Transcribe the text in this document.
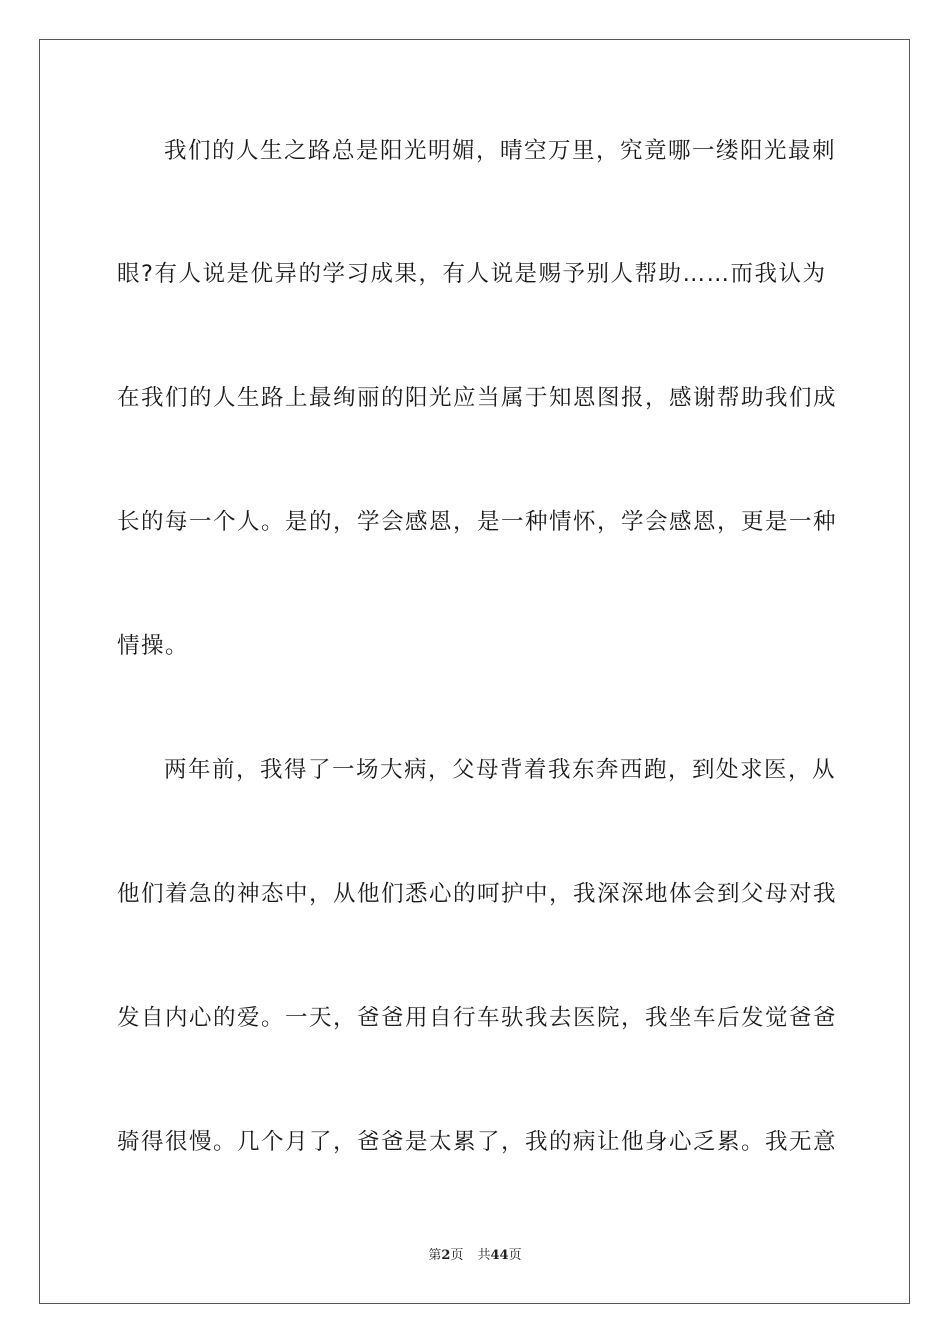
我们的人生之路总是阳光明媚，晴空万里，究竟哪一缕阳光最刺

眼?有人说是优异的学习成果，有人说是赐予别人帮助……而我认为

在我们的人生路上最绚丽的阳光应当属于知恩图报，感谢帮助我们成

长的每一个人。是的，学会感恩，是一种情怀，学会感恩，更是一种

情操。

两年前，我得了一场大病，父母背着我东奔西跑，到处求医，从

他们着急的神态中，从他们悉心的呵护中，我深深地体会到父母对我

发自内心的爱。一天，爸爸用自行车驮我去医院，我坐车后发觉爸爸

骑得很慢。几个月了，爸爸是太累了，我的病让他身心乏累。我无意

第2页 共44页
